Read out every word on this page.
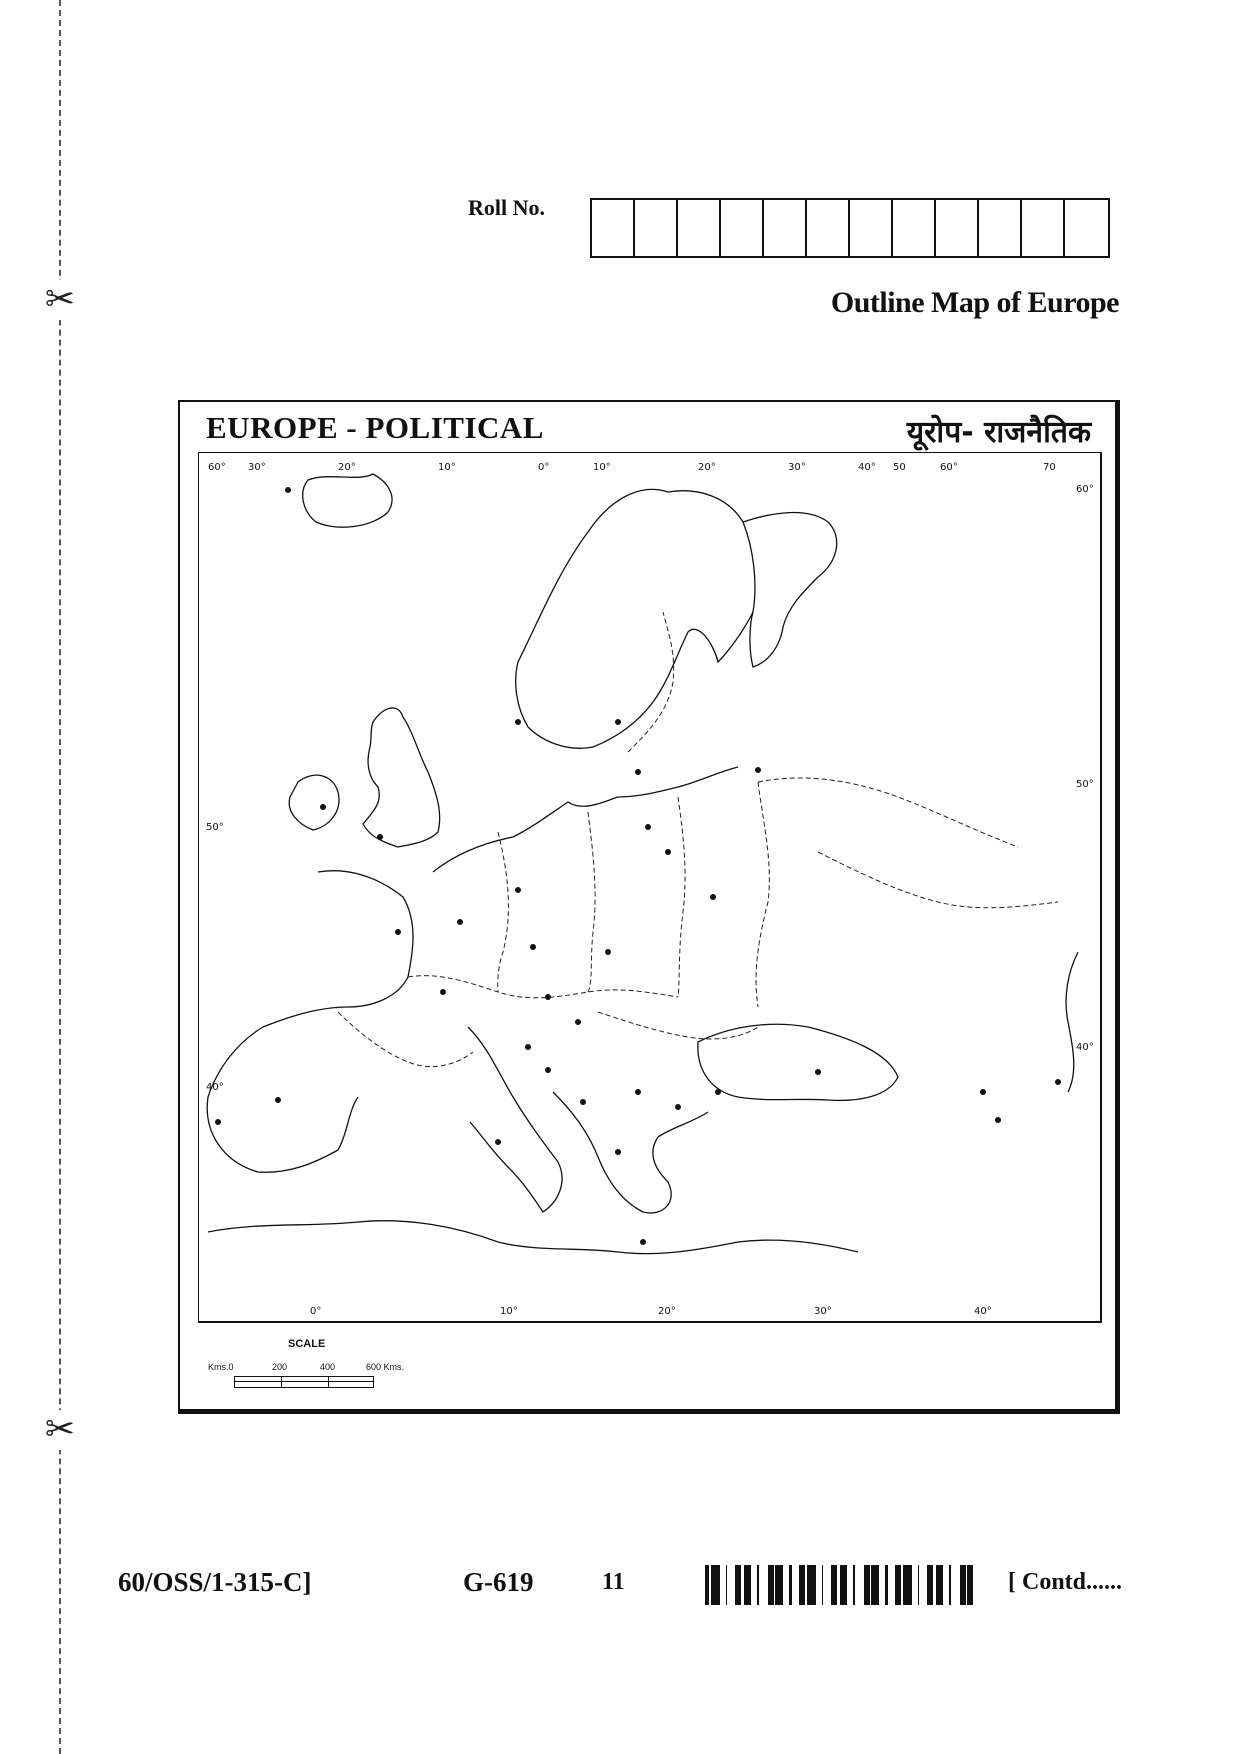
✂
✂
Roll No.
Outline Map of Europe
EUROPE - POLITICAL	यूरोप- राजनैतिक
60° 30°	20°	10°	0°	10°	20°	30°	40° 50	60°	70
0°	10°	20°	30°	40°
50°
40°
60°
50°
40°
SCALE
Kms.0	200	400	600 Kms.
60/OSS/1-315-C]	G-619	11	[ Contd......
